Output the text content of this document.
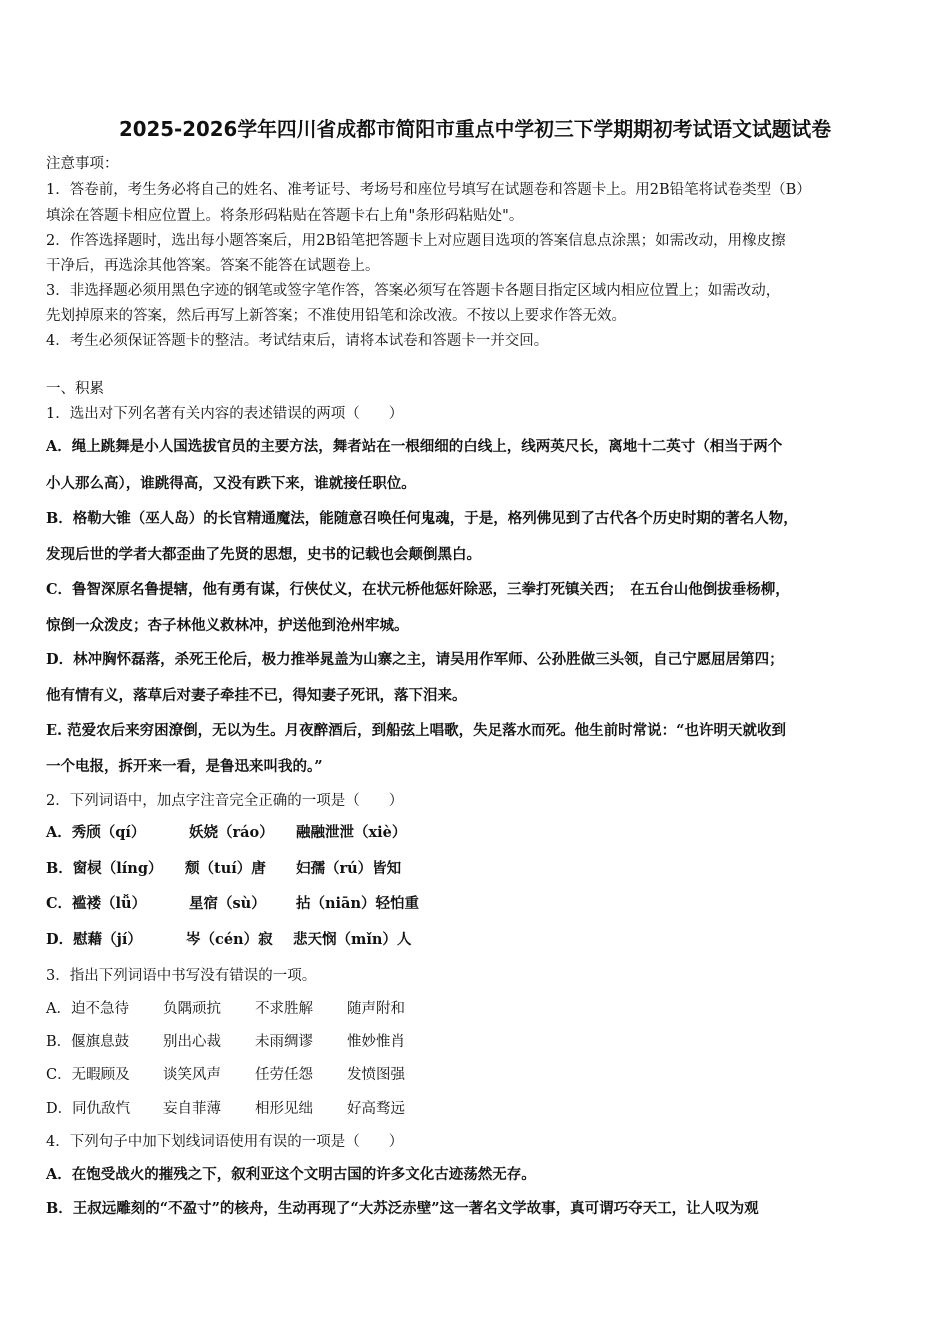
2025-2026学年四川省成都市简阳市重点中学初三下学期期初考试语文试题试卷
注意事项：
1．答卷前，考生务必将自己的姓名、准考证号、考场号和座位号填写在试题卷和答题卡上。用2B铅笔将试卷类型（B）
填涂在答题卡相应位置上。将条形码粘贴在答题卡右上角"条形码粘贴处"。
2．作答选择题时，选出每小题答案后，用2B铅笔把答题卡上对应题目选项的答案信息点涂黑；如需改动，用橡皮擦
干净后，再选涂其他答案。答案不能答在试题卷上。
3．非选择题必须用黑色字迹的钢笔或签字笔作答，答案必须写在答题卡各题目指定区域内相应位置上；如需改动，
先划掉原来的答案，然后再写上新答案；不准使用铅笔和涂改液。不按以上要求作答无效。
4．考生必须保证答题卡的整洁。考试结束后，请将本试卷和答题卡一并交回。
一、积累
1．选出对下列名著有关内容的表述错误的两项（　　）
A．绳上跳舞是小人国选拔官员的主要方法，舞者站在一根细细的白线上，线两英尺长，离地十二英寸（相当于两个
小人那么高），谁跳得高，又没有跌下来，谁就接任职位。
B．格勒大锥（巫人岛）的长官精通魔法，能随意召唤任何鬼魂，于是，格列佛见到了古代各个历史时期的著名人物，
发现后世的学者大都歪曲了先贤的思想，史书的记载也会颠倒黑白。
C．鲁智深原名鲁提辖，他有勇有谋，行侠仗义，在状元桥他惩奸除恶，三拳打死镇关西；　在五台山他倒拔垂杨柳，
惊倒一众泼皮；杏子林他义救林冲，护送他到沧州牢城。
D．林冲胸怀磊落，杀死王伦后，极力推举晁盖为山寨之主，请吴用作军师、公孙胜做三头领，自己宁愿屈居第四；
他有情有义，落草后对妻子牵挂不已，得知妻子死讯，落下泪来。
E. 范爱农后来穷困潦倒，无以为生。月夜醉酒后，到船弦上唱歌，失足落水而死。他生前时常说：“也许明天就收到
一个电报，拆开来一看，是鲁迅来叫我的。”
2．下列词语中，加点字注音完全正确的一项是（　　）
A．秀颀（qí）	妖娆（ráo） 融融泄泄（xiè）
B．窗棂（líng） 颓（tuí）唐 妇孺（rú）皆知
C．褴褛（lǚ）	星宿（sù） 拈（niān）轻怕重
D．慰藉（jí）	岑（cén）寂 悲天悯（mǐn）人
3．指出下列词语中书写没有错误的一项。
A．迫不急待 负隅顽抗 不求胜解 随声附和
B．偃旗息鼓 别出心裁 未雨绸谬 惟妙惟肖
C．无暇顾及 谈笑风声 任劳任怨 发愤图强
D．同仇敌忾 妄自菲薄 相形见绌 好高骛远
4．下列句子中加下划线词语使用有误的一项是（　　）
A．在饱受战火的摧残之下，叙利亚这个文明古国的许多文化古迹荡然无存。
B．王叔远雕刻的“不盈寸”的核舟，生动再现了“大苏泛赤壁”这一著名文学故事，真可谓巧夺天工，让人叹为观
